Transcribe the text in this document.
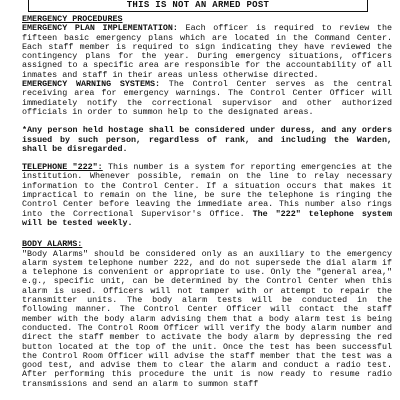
THIS IS NOT AN ARMED POST
EMERGENCY PROCEDURES

EMERGENCY PLAN IMPLEMENTATION: Each officer is required to review the fifteen basic emergency plans which are located in the Command Center. Each staff member is required to sign indicating they have reviewed the contingency plans for the year. During emergency situations, officers assigned to a specific area are responsible for the accountability of all inmates and staff in their areas unless otherwise directed.

EMERGENCY WARNING SYSTEMS: The Control Center serves as the central receiving area for emergency warnings. The Control Center Officer will immediately notify the correctional supervisor and other authorized officials in order to summon help to the designated areas.

*Any person held hostage shall be considered under duress, and any orders issued by such person, regardless of rank, and including the Warden, shall be disregarded.

TELEPHONE "222": This number is a system for reporting emergencies at the institution. Whenever possible, remain on the line to relay necessary information to the Control Center. If a situation occurs that makes it impractical to remain on the line, be sure the telephone is ringing the Control Center before leaving the immediate area. This number also rings into the Correctional Supervisor's Office. The "222" telephone system will be tested weekly.

BODY ALARMS:

"Body Alarms" should be considered only as an auxiliary to the emergency alarm system telephone number 222, and do not supersede the dial alarm if a telephone is convenient or appropriate to use. Only the "general area," e.g., specific unit, can be determined by the Control Center when this alarm is used. Officers will not tamper with or attempt to repair the transmitter units. The body alarm tests will be conducted in the following manner. The Control Center Officer will contact the staff member with the body alarm advising them that a body alarm test is being conducted. The Control Room Officer will verify the body alarm number and direct the staff member to activate the body alarm by depressing the red button located at the top of the unit. Once the test has been successful the Control Room Officer will advise the staff member that the test was a good test, and advise them to clear the alarm and conduct a radio test. After performing this procedure the unit is now ready to resume radio transmissions and send an alarm to summon staff
